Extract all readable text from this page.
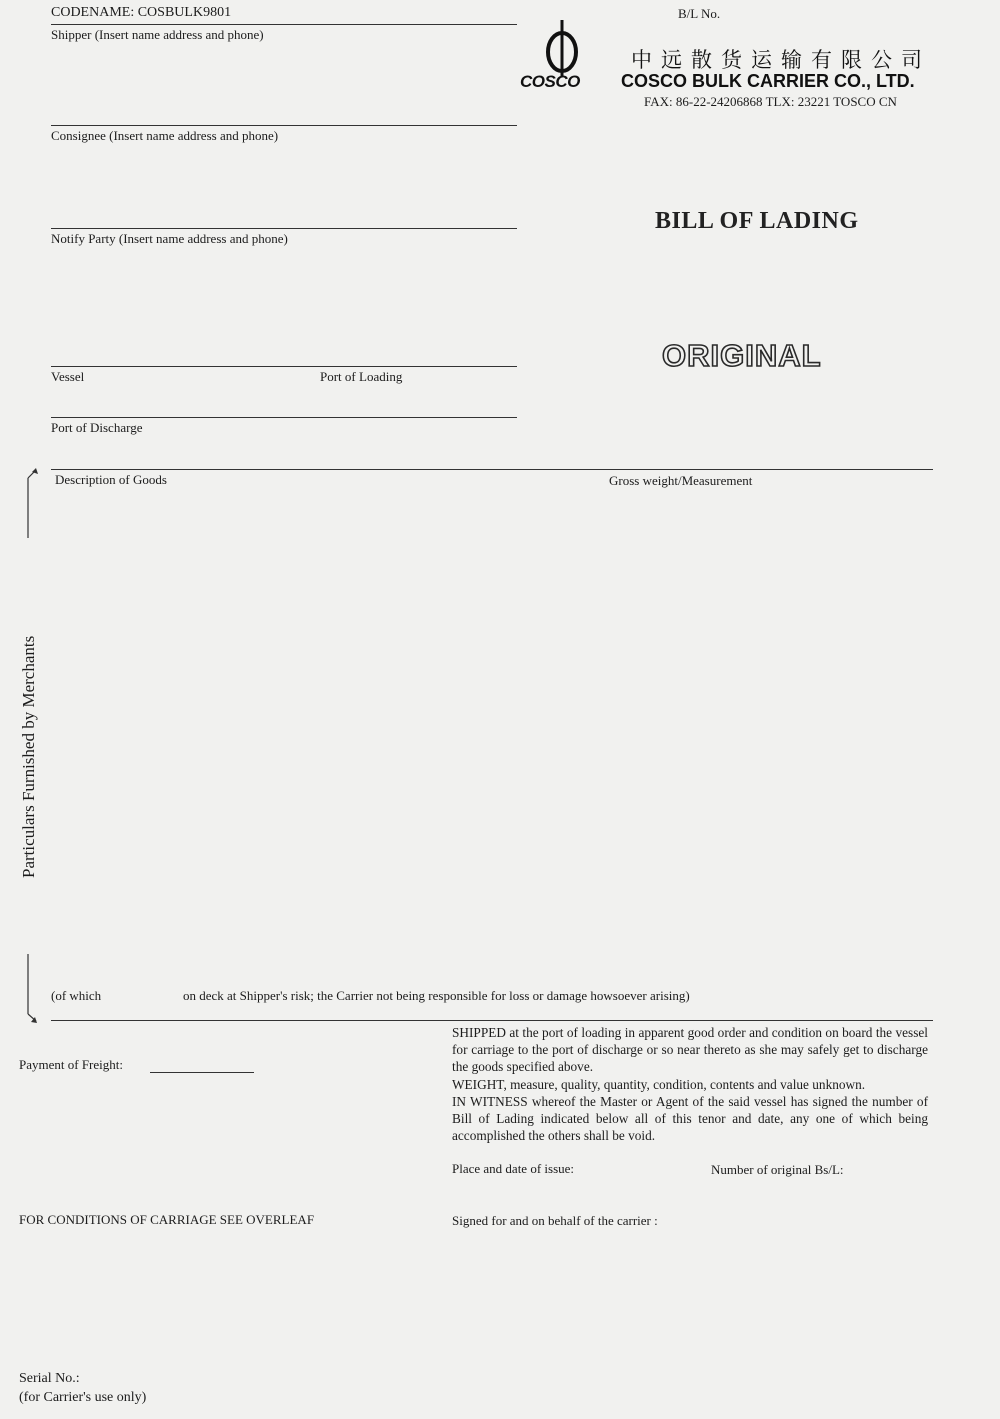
CODENAME: COSBULK9801	B/L No.
COSCO
中远散货运输有限公司
COSCO BULK CARRIER CO., LTD.
FAX: 86-22-24206868 TLX: 23221 TOSCO CN
Shipper (Insert name address and phone)
Consignee (Insert name address and phone)
Notify Party (Insert name address and phone)
Vessel	Port of Loading
Port of Discharge
BILL OF LADING
ORIGINAL
Description of Goods	Gross weight/Measurement
Particulars Furnished by Merchants
(of which	on deck at Shipper's risk; the Carrier not being responsible for loss or damage howsoever arising)
Payment of Freight:
SHIPPED at the port of loading in apparent good order and condition on board the vessel for carriage to the port of discharge or so near thereto as she may safely get to discharge the goods specified above.
WEIGHT, measure, quality, quantity, condition, contents and value unknown.
IN WITNESS whereof the Master or Agent of the said vessel has signed the number of Bill of Lading indicated below all of this tenor and date, any one of which being accomplished the others shall be void.
Place and date of issue:	Number of original Bs/L:
FOR CONDITIONS OF CARRIAGE SEE OVERLEAF	Signed for and on behalf of the carrier :
Serial No.:
(for Carrier's use only)
